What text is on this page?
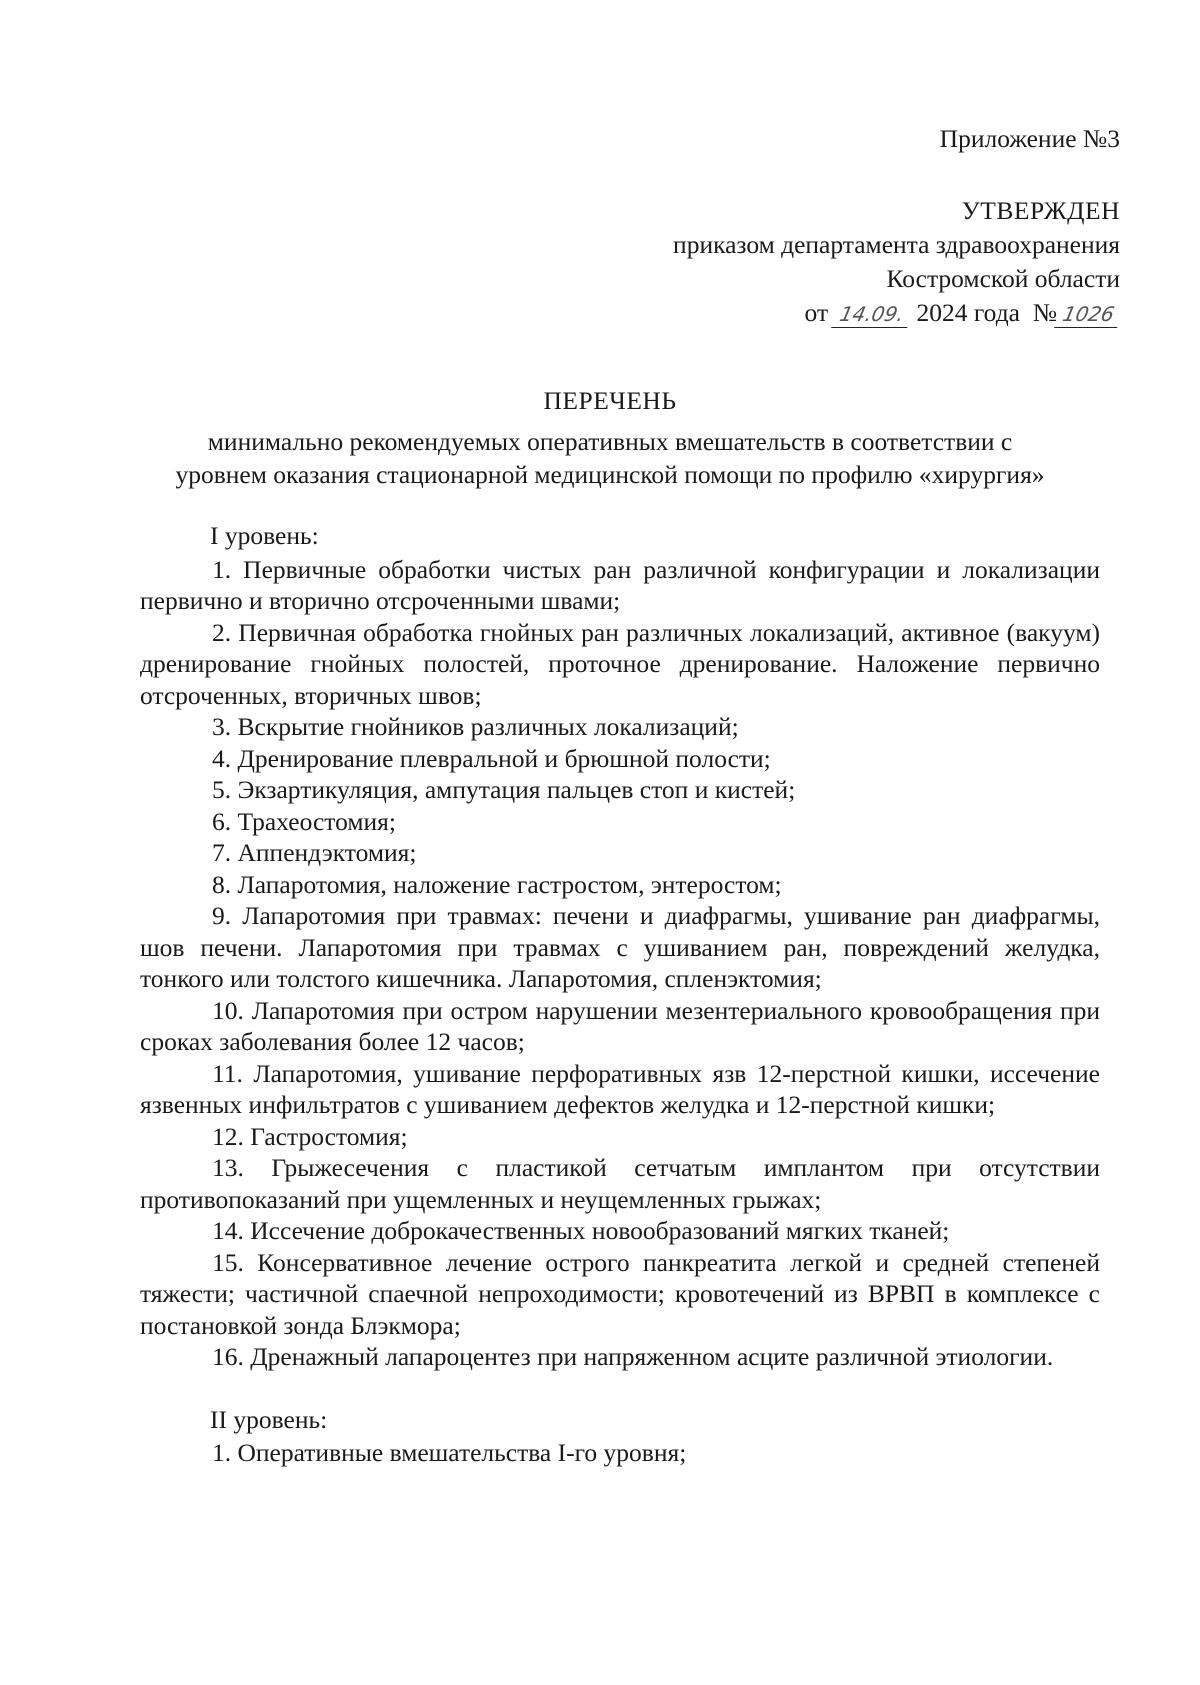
Приложение №3
УТВЕРЖДЕН
приказом департамента здравоохранения
Костромской области
от 14.09. 2024 года № 1026
ПЕРЕЧЕНЬ
минимально рекомендуемых оперативных вмешательств в соответствии с
уровнем оказания стационарной медицинской помощи по профилю «хирургия»

I уровень:

1. Первичные обработки чистых ран различной конфигурации и локализации первично и вторично отсроченными швами;

2. Первичная обработка гнойных ран различных локализаций, активное (вакуум) дренирование гнойных полостей, проточное дренирование. Наложение первично отсроченных, вторичных швов;

3. Вскрытие гнойников различных локализаций;

4. Дренирование плевральной и брюшной полости;

5. Экзартикуляция, ампутация пальцев стоп и кистей;

6. Трахеостомия;

7. Аппендэктомия;

8. Лапаротомия, наложение гастростом, энтеростом;

9. Лапаротомия при травмах: печени и диафрагмы, ушивание ран диафрагмы, шов печени. Лапаротомия при травмах с ушиванием ран, повреждений желудка, тонкого или толстого кишечника. Лапаротомия, спленэктомия;

10. Лапаротомия при остром нарушении мезентериального кровообращения при сроках заболевания более 12 часов;

11. Лапаротомия, ушивание перфоративных язв 12-перстной кишки, иссечение язвенных инфильтратов с ушиванием дефектов желудка и 12-перстной кишки;

12. Гастростомия;

13. Грыжесечения с пластикой сетчатым имплантом при отсутствии противопоказаний при ущемленных и неущемленных грыжах;

14. Иссечение доброкачественных новообразований мягких тканей;

15. Консервативное лечение острого панкреатита легкой и средней степеней тяжести; частичной спаечной непроходимости; кровотечений из ВРВП в комплексе с постановкой зонда Блэкмора;

16. Дренажный лапароцентез при напряженном асците различной этиологии.

II уровень:

1. Оперативные вмешательства I-го уровня;
